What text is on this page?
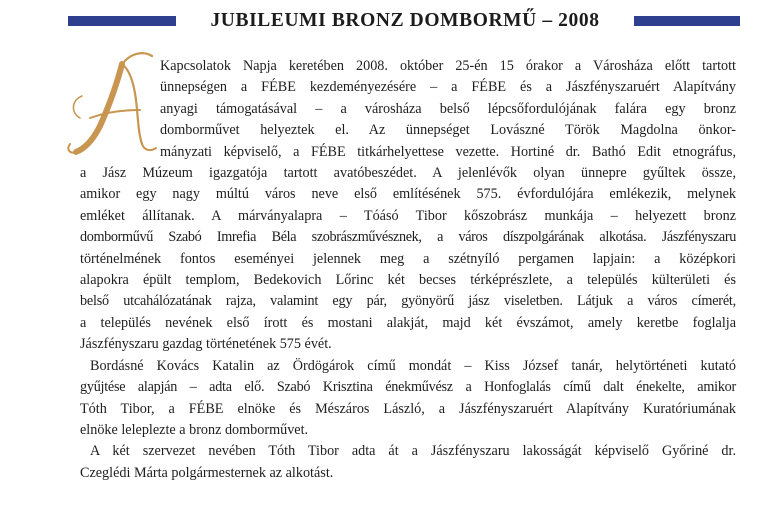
JUBILEUMI BRONZ DOMBORMŰ – 2008

Kapcsolatok Napja keretében 2008. október 25-én 15 órakor a Városháza előtt tartott
ünnepségen a FÉBE kezdeményezésére – a FÉBE és a Jászfényszaruért Alapítvány
anyagi támogatásával – a városháza belső lépcsőfordulójának falára egy bronz
domborművet helyeztek el. Az ünnepséget Lovászné Török Magdolna önkor-
mányzati képviselő, a FÉBE titkárhelyettese vezette. Hortiné dr. Bathó Edit etnográfus,
a Jász Múzeum igazgatója tartott avatóbeszédet. A jelenlévők olyan ünnepre gyűltek össze,
amikor egy nagy múltú város neve első említésének 575. évfordulójára emlékezik, melynek
emléket állítanak. A márványalapra – Tóásó Tibor kőszobrász munkája – helyezett bronz
domborművű Szabó Imrefia Béla szobrászművésznek, a város díszpolgárának alkotása. Jászfényszaru
történelmének fontos eseményei jelennek meg a szétnyíló pergamen lapjain: a középkori
alapokra épült templom, Bedekovich Lőrinc két becses térképrészlete, a település külterületi és
belső utcahálózatának rajza, valamint egy pár, gyönyörű jász viseletben. Látjuk a város címerét,
a település nevének első írott és mostani alakját, majd két évszámot, amely keretbe foglalja
Jászfényszaru gazdag történetének 575 évét.

Bordásné Kovács Katalin az Ördögárok című mondát – Kiss József tanár, helytörténeti kutató
gyűjtése alapján – adta elő. Szabó Krisztina énekművész a Honfoglalás című dalt énekelte, amikor
Tóth Tibor, a FÉBE elnöke és Mészáros László, a Jászfényszaruért Alapítvány Kuratóriumának
elnöke leleplezte a bronz domborművet.

A két szervezet nevében Tóth Tibor adta át a Jászfényszaru lakosságát képviselő Győriné dr.
Czeglédi Márta polgármesternek az alkotást.
